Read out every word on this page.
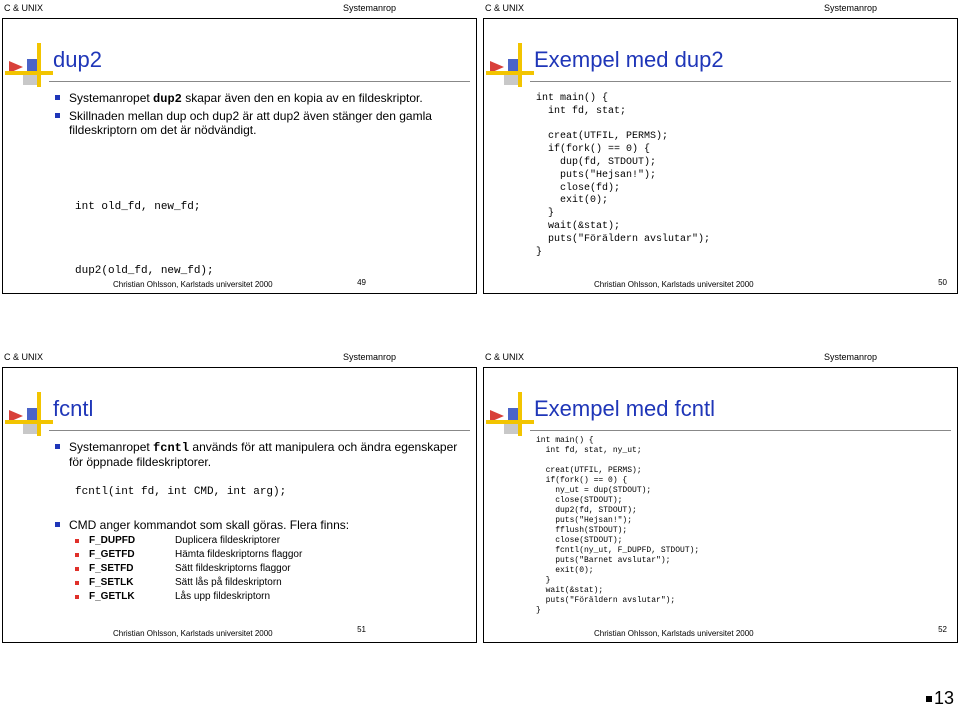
C & UNIX	Systemanrop	C & UNIX	Systemanrop
C & UNIX	Systemanrop	C & UNIX	Systemanrop
dup2
Systemanropet dup2 skapar även den en kopia av en fildeskriptor.
Skillnaden mellan dup och dup2 är att dup2 även stänger den gamla fildeskriptorn om det är nödvändigt.
int old_fd, new_fd;

dup2(old_fd, new_fd);
Christian Ohlsson, Karlstads universitet 2000	49
Exempel med dup2
int main() {
int fd, stat;

creat(UTFIL, PERMS);
if(fork() == 0) {
dup(fd, STDOUT);
puts("Hejsan!");
close(fd);
exit(0);
}
wait(&stat);
puts("Föräldern avslutar");
}
Christian Ohlsson, Karlstads universitet 2000	50
fcntl
Systemanropet fcntl används för att manipulera och ändra egenskaper för öppnade fildeskriptorer.
fcntl(int fd, int CMD, int arg);
CMD anger kommandot som skall göras. Flera finns:
F_DUPFD	Duplicera fildeskriptorer
F_GETFD	Hämta fildeskriptorns flaggor
F_SETFD	Sätt fildeskriptorns flaggor
F_SETLK	Sätt lås på fildeskriptorn
F_GETLK	Lås upp fildeskriptorn
Christian Ohlsson, Karlstads universitet 2000	51
Exempel med fcntl
int main() {
int fd, stat, ny_ut;

creat(UTFIL, PERMS);
if(fork() == 0) {
ny_ut = dup(STDOUT);
close(STDOUT);
dup2(fd, STDOUT);
puts("Hejsan!");
fflush(STDOUT);
close(STDOUT);
fcntl(ny_ut, F_DUPFD, STDOUT);
puts("Barnet avslutar");
exit(0);
}
wait(&stat);
puts("Föräldern avslutar");
}
Christian Ohlsson, Karlstads universitet 2000	52
13
